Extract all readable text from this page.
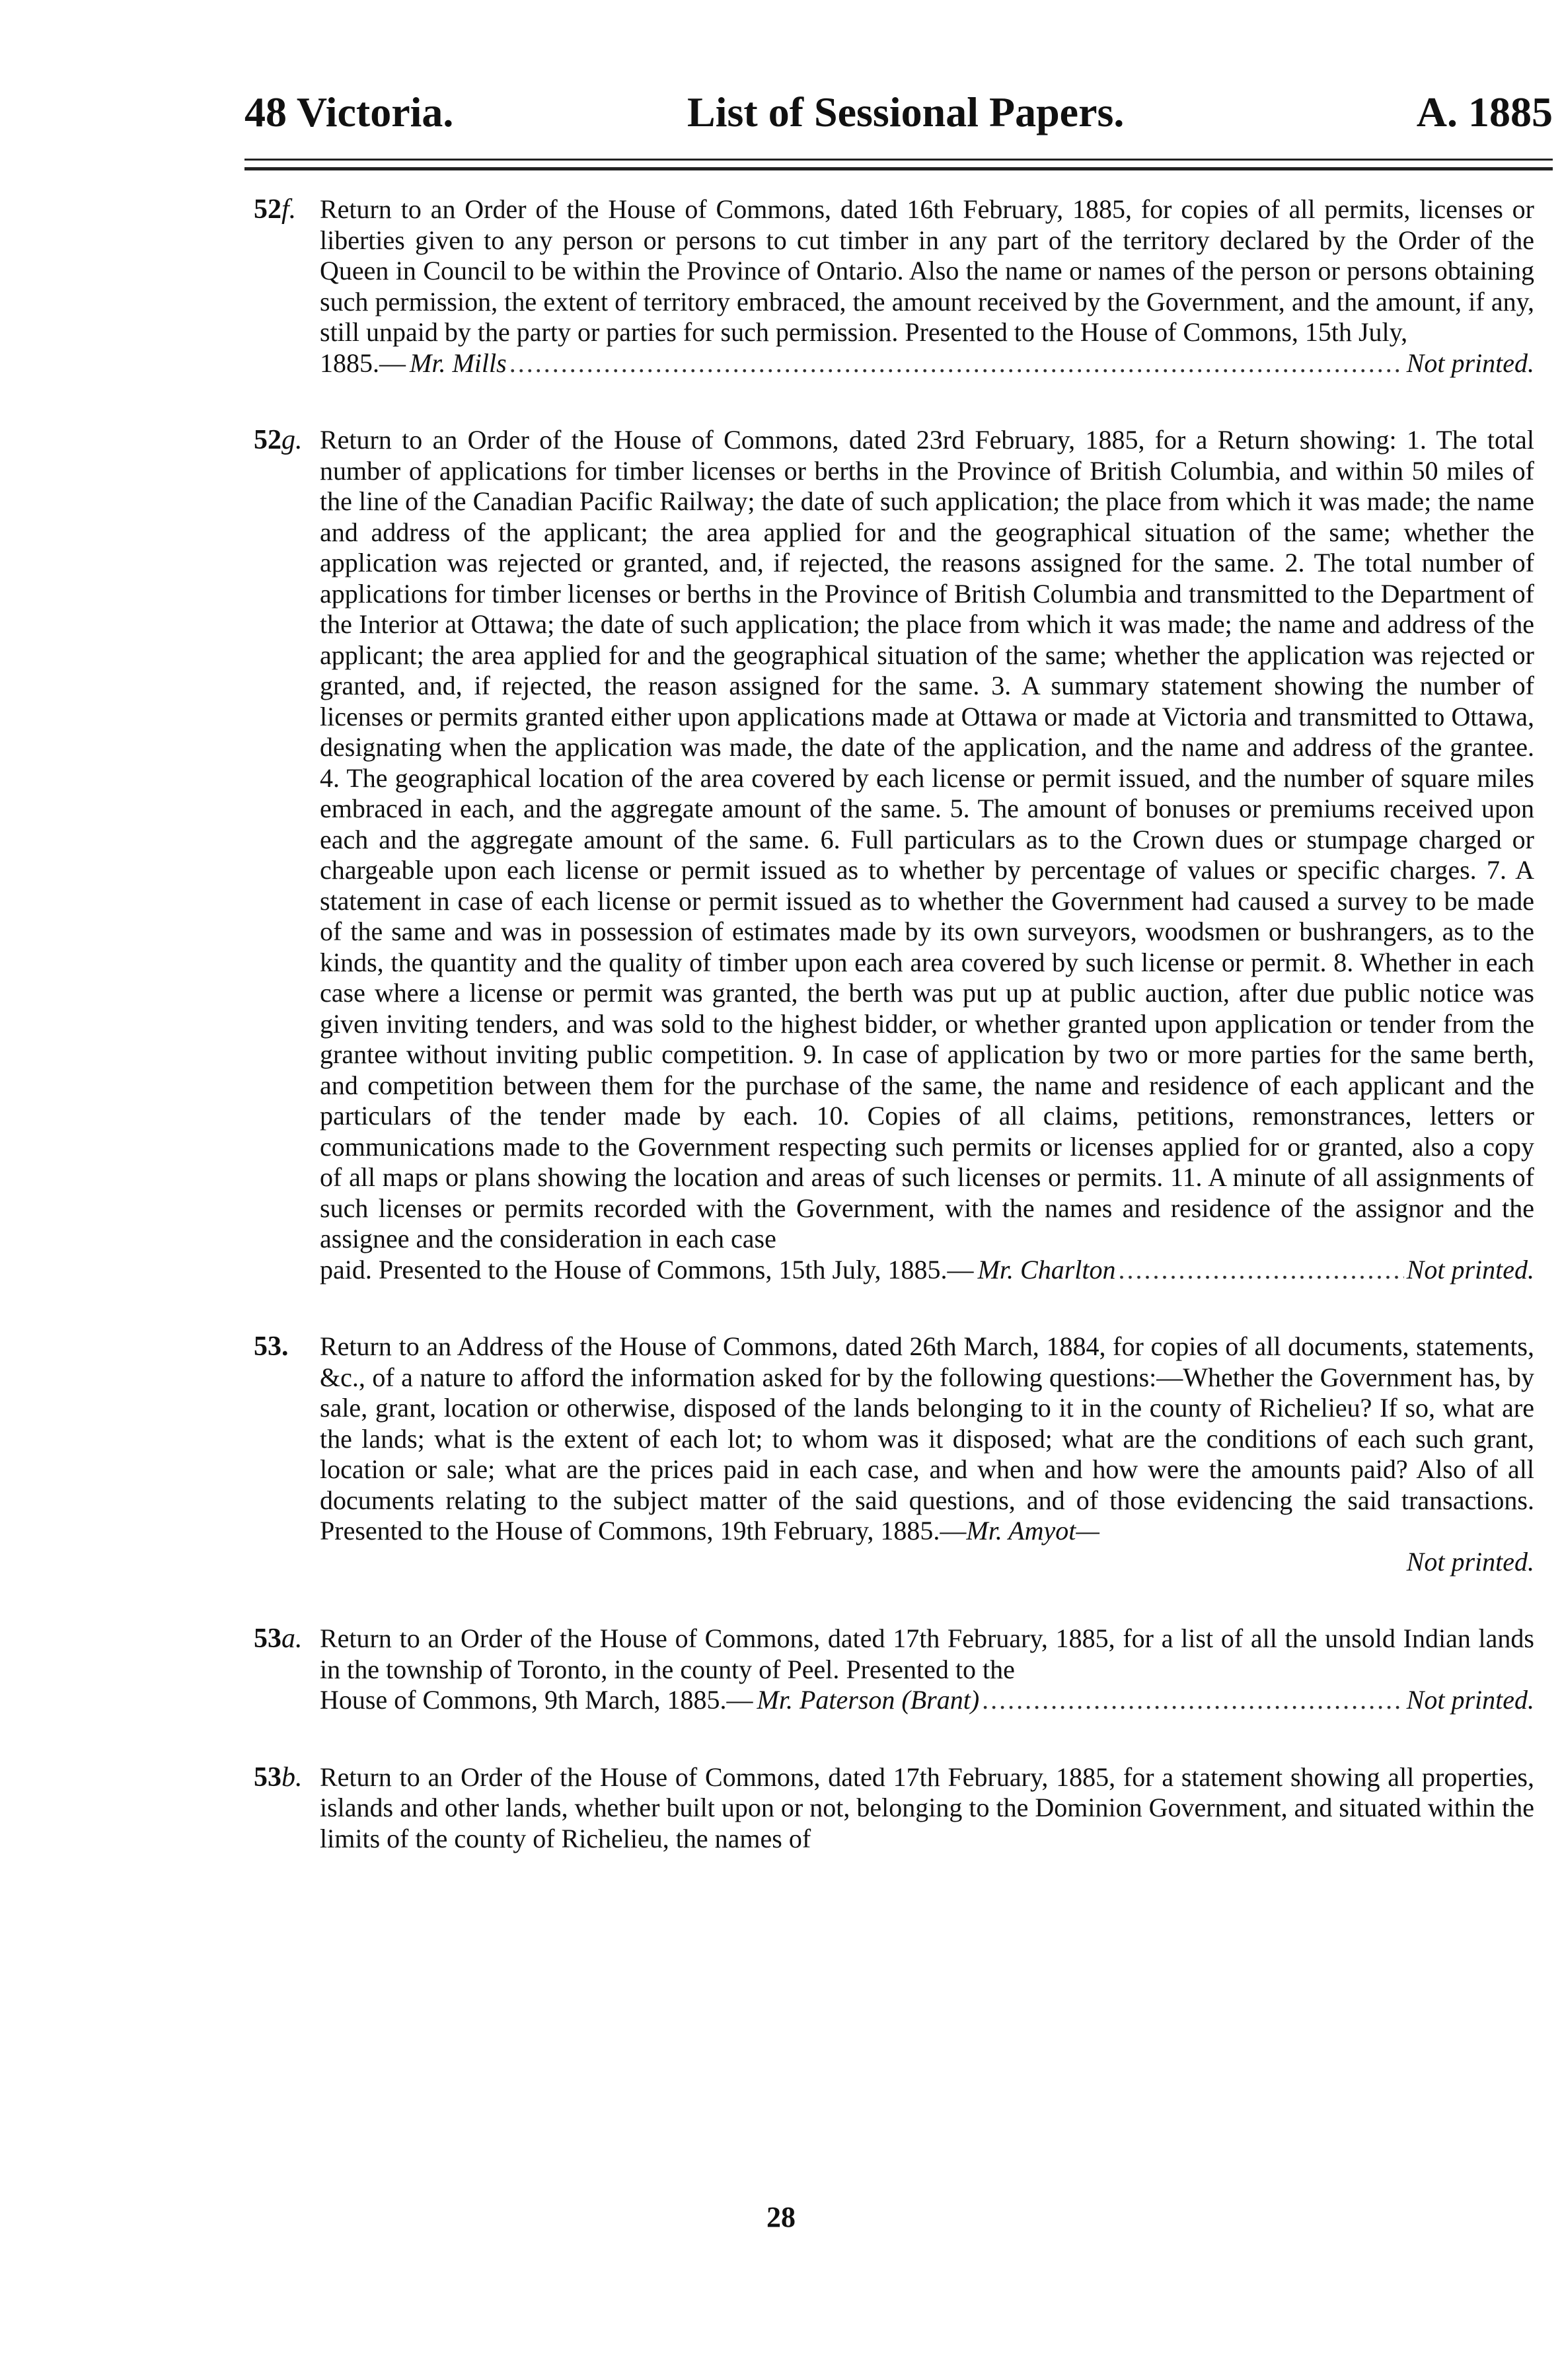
48 Victoria.	List of Sessional Papers.	A. 1885
52f. Return to an Order of the House of Commons, dated 16th February, 1885, for copies of all permits, licenses or liberties given to any person or persons to cut timber in any part of the territory declared by the Order of the Queen in Council to be within the Province of Ontario. Also the name or names of the person or persons obtaining such permission, the extent of territory embraced, the amount received by the Government, and the amount, if any, still unpaid by the party or parties for such permission. Presented to the House of Commons, 15th July,
1885.— Mr. Mills .....	Not printed.
52g. Return to an Order of the House of Commons, dated 23rd February, 1885, for a Return showing: 1. The total number of applications for timber licenses or berths in the Province of British Columbia, and within 50 miles of the line of the Canadian Pacific Railway; the date of such application; the place from which it was made; the name and address of the applicant; the area applied for and the geographical situation of the same; whether the application was rejected or granted, and, if rejected, the reasons assigned for the same. 2. The total number of applications for timber licenses or berths in the Province of British Columbia and transmitted to the Department of the Interior at Ottawa; the date of such application; the place from which it was made; the name and address of the applicant; the area applied for and the geographical situation of the same; whether the application was rejected or granted, and, if rejected, the reason assigned for the same. 3. A summary statement showing the number of licenses or permits granted either upon applications made at Ottawa or made at Victoria and transmitted to Ottawa, designating when the application was made, the date of the application, and the name and address of the grantee. 4. The geographical location of the area covered by each license or permit issued, and the number of square miles embraced in each, and the aggregate amount of the same. 5. The amount of bonuses or premiums received upon each and the aggregate amount of the same. 6. Full particulars as to the Crown dues or stumpage charged or chargeable upon each license or permit issued as to whether by percentage of values or specific charges. 7. A statement in case of each license or permit issued as to whether the Government had caused a survey to be made of the same and was in possession of estimates made by its own surveyors, woodsmen or bushrangers, as to the kinds, the quantity and the quality of timber upon each area covered by such license or permit. 8. Whether in each case where a license or permit was granted, the berth was put up at public auction, after due public notice was given inviting tenders, and was sold to the highest bidder, or whether granted upon application or tender from the grantee without inviting public competition. 9. In case of application by two or more parties for the same berth, and competition between them for the purchase of the same, the name and residence of each applicant and the particulars of the tender made by each. 10. Copies of all claims, petitions, remonstrances, letters or communications made to the Government respecting such permits or licenses applied for or granted, also a copy of all maps or plans showing the location and areas of such licenses or permits. 11. A minute of all assignments of such licenses or permits recorded with the Government, with the names and residence of the assignor and the assignee and the consideration in each case
paid. Presented to the House of Commons, 15th July, 1885.— Mr. Charlton .....	Not printed.
53. Return to an Address of the House of Commons, dated 26th March, 1884, for copies of all documents, statements, &c., of a nature to afford the information asked for by the following questions:—Whether the Government has, by sale, grant, location or otherwise, disposed of the lands belonging to it in the county of Richelieu? If so, what are the lands; what is the extent of each lot; to whom was it disposed; what are the conditions of each such grant, location or sale; what are the prices paid in each case, and when and how were the amounts paid? Also of all documents relating to the subject matter of the said questions, and of those evidencing the said transactions. Presented to the House of Commons, 19th February, 1885.—Mr. Amyot—
Not printed.
53a. Return to an Order of the House of Commons, dated 17th February, 1885, for a list of all the unsold Indian lands in the township of Toronto, in the county of Peel. Presented to the
House of Commons, 9th March, 1885.— Mr. Paterson (Brant) .....	Not printed.
53b. Return to an Order of the House of Commons, dated 17th February, 1885, for a statement showing all properties, islands and other lands, whether built upon or not, belonging to the Dominion Government, and situated within the limits of the county of Richelieu, the names of
28
